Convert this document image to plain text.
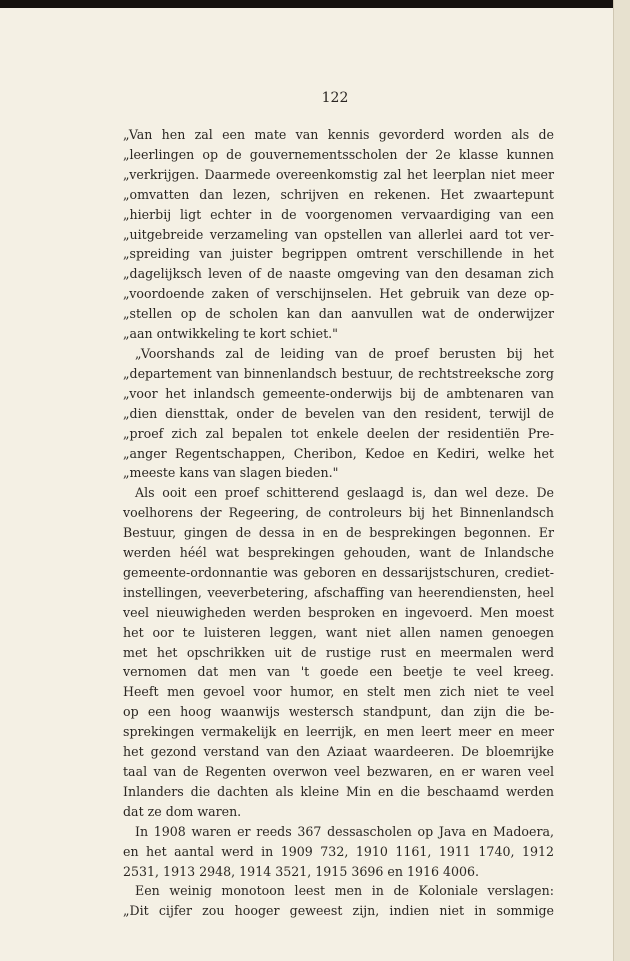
122
„Van hen zal een mate van kennis gevorderd worden als de
„leerlingen op de gouvernementsscholen der 2e klasse kunnen
„verkrijgen. Daarmede overeenkomstig zal het leerplan niet meer
„omvatten dan lezen, schrijven en rekenen. Het zwaartepunt
„hierbij ligt echter in de voorgenomen vervaardiging van een
„uitgebreide verzameling van opstellen van allerlei aard tot ver-
„spreiding van juister begrippen omtrent verschillende in het
„dagelijksch leven of de naaste omgeving van den desaman zich
„voordoende zaken of verschijnselen. Het gebruik van deze op-
„stellen op de scholen kan dan aanvullen wat de onderwijzer
„aan ontwikkeling te kort schiet."
„Voorshands zal de leiding van de proef berusten bij het
„departement van binnenlandsch bestuur, de rechtstreeksche zorg
„voor het inlandsch gemeente-onderwijs bij de ambtenaren van
„dien diensttak, onder de bevelen van den resident, terwijl de
„proef zich zal bepalen tot enkele deelen der residentiën Pre-
„anger Regentschappen, Cheribon, Kedoe en Kediri, welke het
„meeste kans van slagen bieden."
Als ooit een proef schitterend geslaagd is, dan wel deze. De
voelhorens der Regeering, de controleurs bij het Binnenlandsch
Bestuur, gingen de dessa in en de besprekingen begonnen. Er
werden héél wat besprekingen gehouden, want de Inlandsche
gemeente-ordonnantie was geboren en dessarijstschuren, crediet-
instellingen, veeverbetering, afschaffing van heerendiensten, heel
veel nieuwigheden werden besproken en ingevoerd. Men moest
het oor te luisteren leggen, want niet allen namen genoegen
met het opschrikken uit de rustige rust en meermalen werd
vernomen dat men van 't goede een beetje te veel kreeg.
Heeft men gevoel voor humor, en stelt men zich niet te veel
op een hoog waanwijs westersch standpunt, dan zijn die be-
sprekingen vermakelijk en leerrijk, en men leert meer en meer
het gezond verstand van den Aziaat waardeeren. De bloemrijke
taal van de Regenten overwon veel bezwaren, en er waren veel
Inlanders die dachten als kleine Min en die beschaamd werden
dat ze dom waren.
In 1908 waren er reeds 367 dessascholen op Java en Madoera,
en het aantal werd in 1909 732, 1910 1161, 1911 1740, 1912
2531, 1913 2948, 1914 3521, 1915 3696 en 1916 4006.
Een weinig monotoon leest men in de Koloniale verslagen:
„Dit cijfer zou hooger geweest zijn, indien niet in sommige
